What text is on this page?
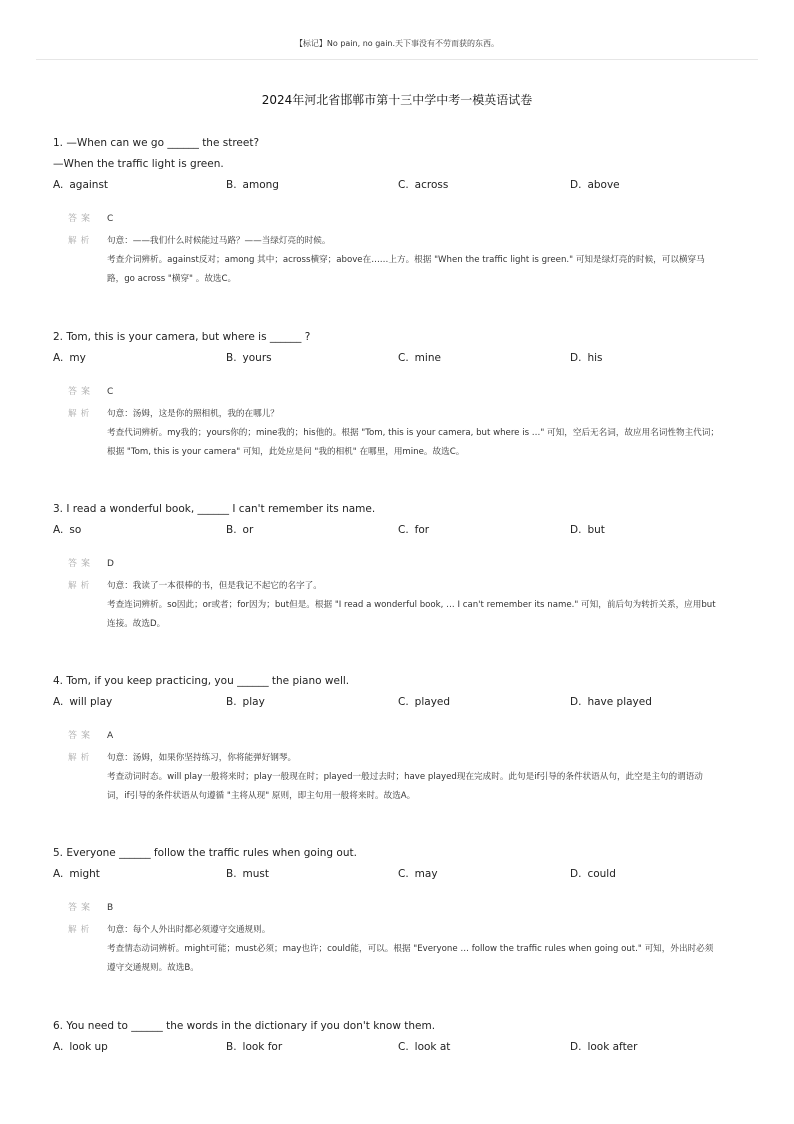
【标记】No pain, no gain.天下事没有不劳而获的东西。
2024年河北省邯郸市第十三中学中考一模英语试卷
1. —When can we go ______ the street?
—When the traffic light is green.
A. against	B. among	C. across	D. above
答案 C
解析 句意：——我们什么时候能过马路？——当绿灯亮的时候。
考查介词辨析。against反对；among 其中；across横穿；above在……上方。根据 "When the traffic light is green." 可知是绿灯亮的时候，可以横穿马路，go across "横穿" 。故选C。
2. Tom, this is your camera, but where is ______ ?
A. my	B. yours	C. mine	D. his
答案 C
解析 句意：汤姆，这是你的照相机，我的在哪儿？
考查代词辨析。my我的；yours你的；mine我的；his他的。根据 "Tom, this is your camera, but where is …" 可知，空后无名词，故应用名词性物主代词；根据 "Tom, this is your camera" 可知，此处应是问 "我的相机" 在哪里，用mine。故选C。
3. I read a wonderful book, ______ I can't remember its name.
A. so	B. or	C. for	D. but
答案 D
解析 句意：我读了一本很棒的书，但是我记不起它的名字了。
考查连词辨析。so因此；or或者；for因为；but但是。根据 "I read a wonderful book, … I can't remember its name." 可知，前后句为转折关系，应用but连接。故选D。
4. Tom, if you keep practicing, you ______ the piano well.
A. will play	B. play	C. played	D. have played
答案 A
解析 句意：汤姆，如果你坚持练习，你将能弹好钢琴。
考查动词时态。will play一般将来时；play一般现在时；played一般过去时；have played现在完成时。此句是if引导的条件状语从句，此空是主句的谓语动词，if引导的条件状语从句遵循 "主将从现" 原则，即主句用一般将来时。故选A。
5. Everyone ______ follow the traffic rules when going out.
A. might	B. must	C. may	D. could
答案 B
解析 句意：每个人外出时都必须遵守交通规则。
考查情态动词辨析。might可能；must必须；may也许；could能，可以。根据 "Everyone … follow the traffic rules when going out." 可知，外出时必须遵守交通规则。故选B。
6. You need to ______ the words in the dictionary if you don't know them.
A. look up	B. look for	C. look at	D. look after
